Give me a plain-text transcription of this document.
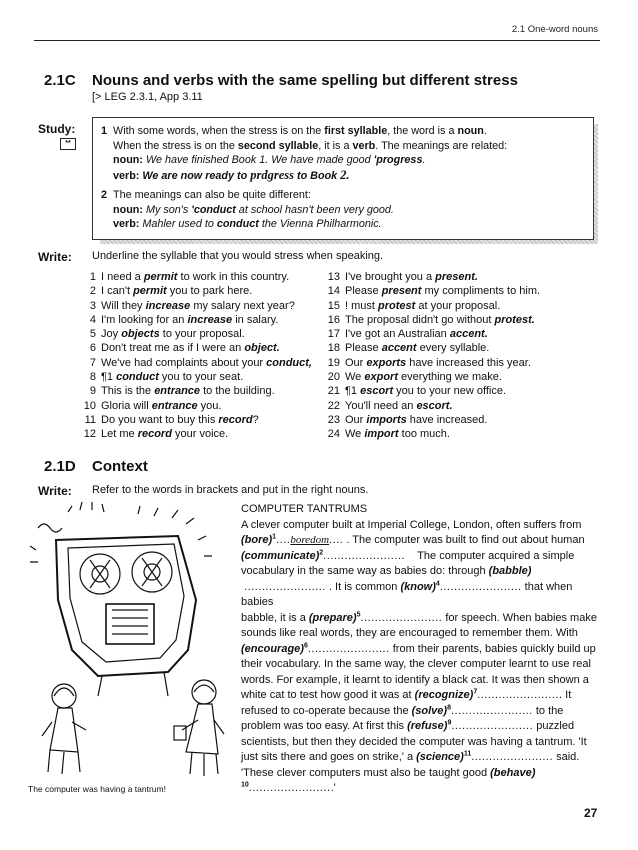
2.1 One-word nouns
2.1C Nouns and verbs with the same spelling but different stress
[> LEG 2.3.1, App 3.11
Study:
**
1 With some words, when the stress is on the first syllable, the word is a noun.
When the stress is on the second syllable, it is a verb. The meanings are related:
noun: We have finished Book 1. We have made good 'progress.
verb: We are now ready to prdgress to Book 2.
2 The meanings can also be quite different:
noun: My son's 'conduct at school hasn't been very good.
verb: Mahler used to conduct the Vienna Philharmonic.
Write: Underline the syllable that you would stress when speaking.
1 I need a permit to work in this country.
2 I can't permit you to park here.
3 Will they increase my salary next year?
4 I'm looking for an increase in salary.
5 Joy objects to your proposal.
6 Don't treat me as if I were an object.
7 We've had complaints about your conduct,
8 ¶1 conduct you to your seat.
9 This is the entrance to the building.
10 Gloria will entrance you.
11 Do you want to buy this record?
12 Let me record your voice.
13 I've brought you a present.
14 Please present my compliments to him.
15 ! must protest at your proposal.
16 The proposal didn't go without protest.
17 I've got an Australian accent.
18 Please accent every syllable.
19 Our exports have increased this year.
20 We export everything we make.
21 ¶1 escort you to your new office.
22 You'll need an escort.
23 Our imports have increased.
24 We import too much.
2.1D Context
Write: Refer to the words in brackets and put in the right nouns.

COMPUTER TANTRUMS

A clever computer built at Imperial College, London, often suffers from

(bore)$^1$....boredom.... . The computer was built to find out about human

(communicate)$^2$....................... The computer acquired a simple

vocabulary in the same way as babies do: through (babble)

....................... . It is common (know)$^4$....................... that when babies

babble, it is a (prepare)$^5$....................... for speech. When babies make

sounds like real words, they are encouraged to remember them. With

(encourage)$^6$....................... from their parents, babies quickly build up

their vocabulary. In the same way, the clever computer learnt to use real

words. For example, it learnt to identify a black cat. It was then shown a

white cat to test how good it was at (recognize)$^7$........................ It

refused to co-operate because the (solve)$^8$....................... to the

problem was too easy. At first this (refuse)$^9$....................... puzzled

scientists, but then they decided the computer was having a tantrum. 'It

just sits there and goes on strike,' a (science)$^{11}$....................... said.

'These clever computers must also be taught good (behave)

$^{10}$........................'

The computer was having a tantrum!
27
